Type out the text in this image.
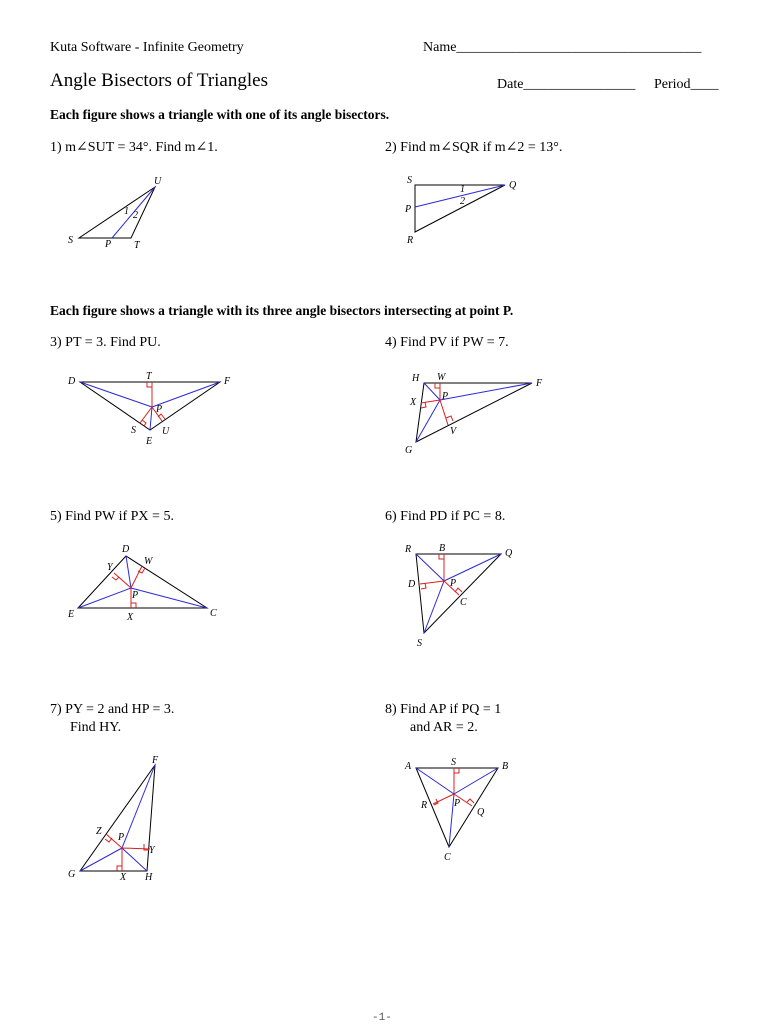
Kuta Software - Infinite Geometry	Name___________________________________
Angle Bisectors of Triangles	Date________________ Period____
Each figure shows a triangle with one of its angle bisectors.
1) m∠SUT = 34°. Find m∠1.
U
S	P T
1 2
2) Find m∠SQR if m∠2 = 13°.
S	Q
P
R
1
2
Each figure shows a triangle with its three angle bisectors intersecting at point P.
3) PT = 3. Find PU.
D	T	F
P
S	U
E
4) Find PV if PW = 7.
H W
F
X
P
V
G
5) Find PW if PX = 5.
D
Y
W
P
E	X	C
6) Find PD if PC = 8.
R	B	Q
D	P
C
S
7) PY = 2 and HP = 3.
Find HY.
F
Z
P
Y
G	X H
8) Find AP if PQ = 1
and AR = 2.
A	S	B
R	P
Q
C
-1-
